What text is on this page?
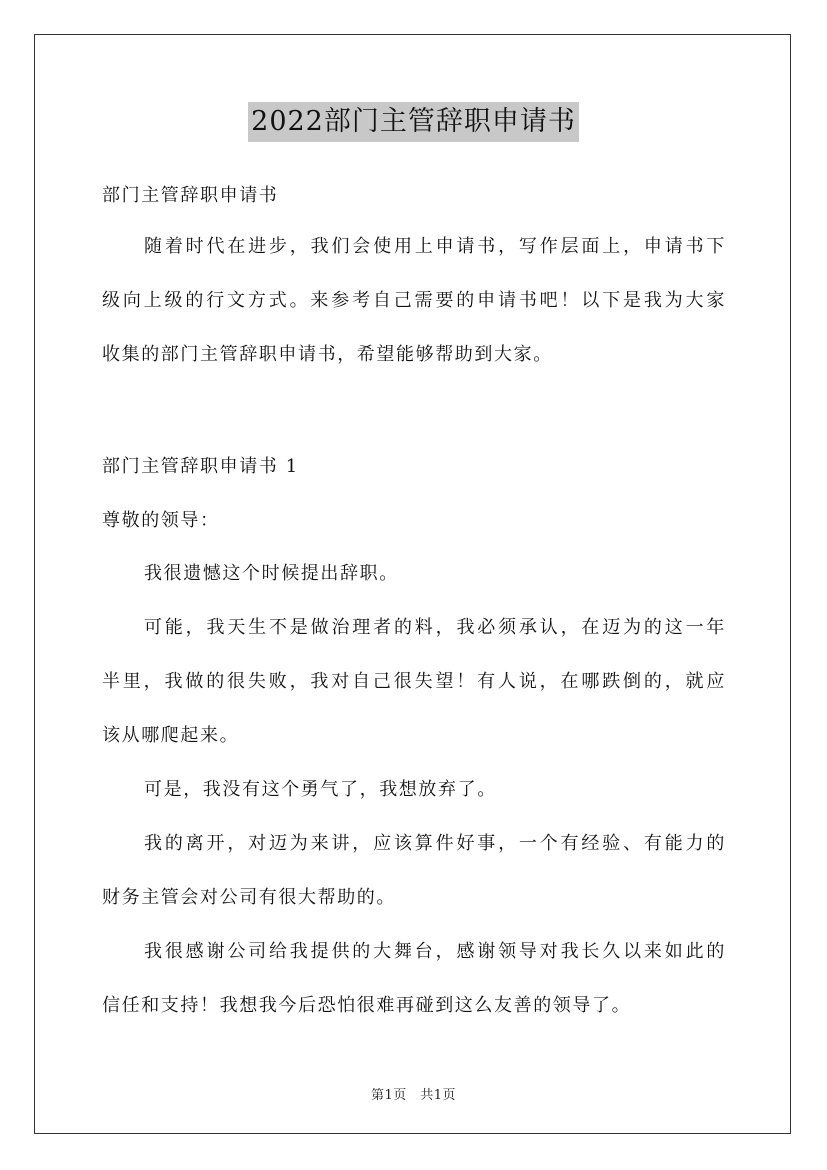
2022部门主管辞职申请书

部门主管辞职申请书

随着时代在进步，我们会使用上申请书，写作层面上，申请书下
级向上级的行文方式。来参考自己需要的申请书吧！以下是我为大家
收集的部门主管辞职申请书，希望能够帮助到大家。

部门主管辞职申请书 1

尊敬的领导：

我很遗憾这个时候提出辞职。
可能，我天生不是做治理者的料，我必须承认，在迈为的这一年
半里，我做的很失败，我对自己很失望！有人说，在哪跌倒的，就应
该从哪爬起来。
可是，我没有这个勇气了，我想放弃了。
我的离开，对迈为来讲，应该算件好事，一个有经验、有能力的
财务主管会对公司有很大帮助的。
我很感谢公司给我提供的大舞台，感谢领导对我长久以来如此的
信任和支持！我想我今后恐怕很难再碰到这么友善的领导了。
第1页　共1页
